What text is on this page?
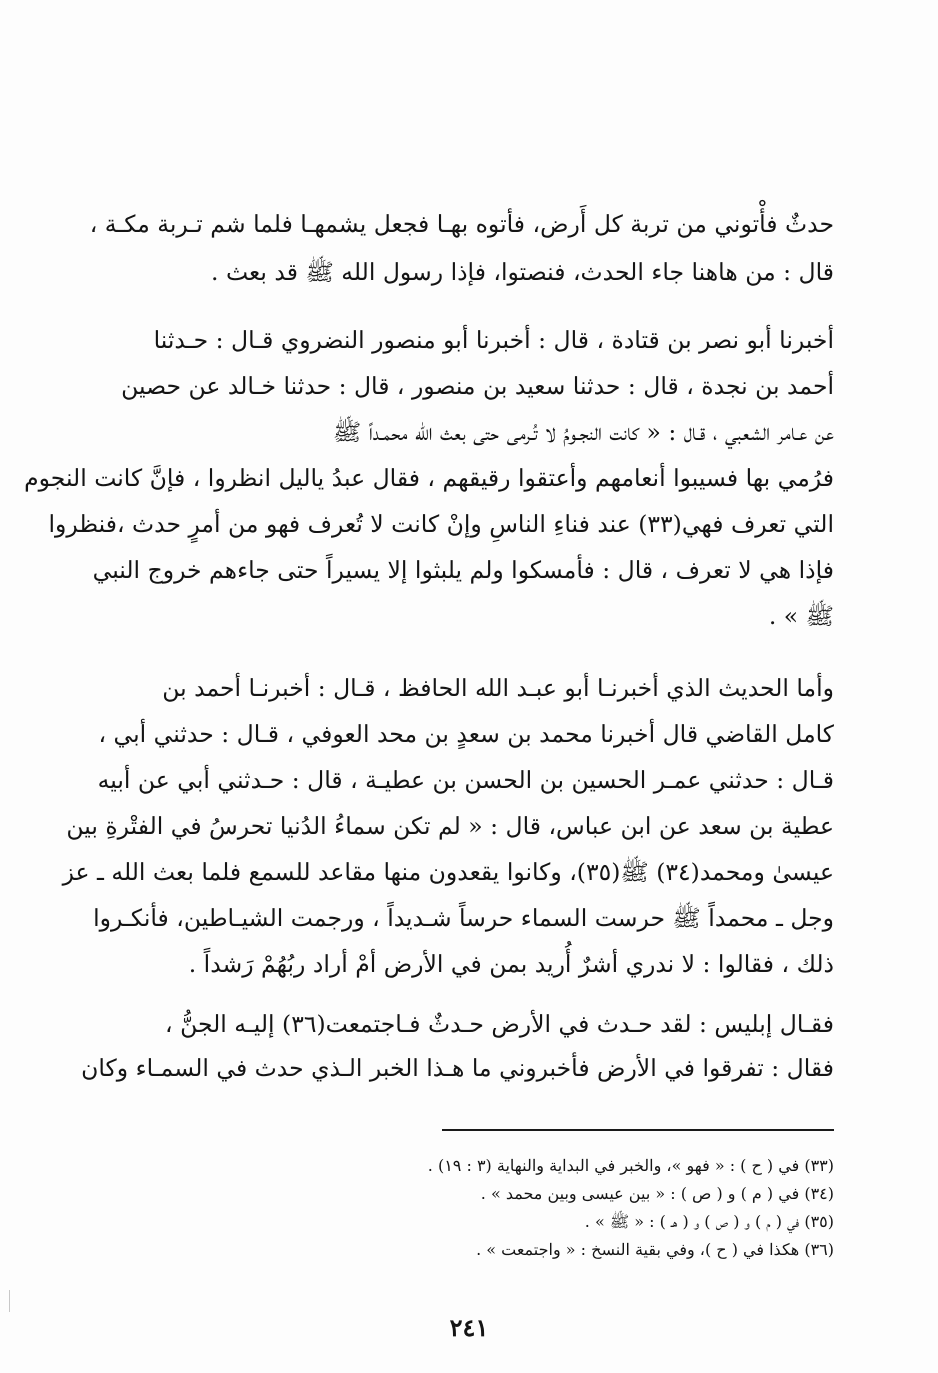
حدثٌ فأْتوني من تربة كل أَرض، فأتوه بهـا فجعل يشمهـا فلما شم تـربة مكـة ،
قال : من هاهنا جاء الحدث، فنصتوا، فإذا رسول الله ﷺ قد بعث .
أخبرنا أبو نصر بن قتادة ، قال : أخبرنا أبو منصور النضروي قـال : حـدثنا
أحمد بن نجدة ، قال : حدثنا سعيد بن منصور ، قال : حدثنا خـالد عن حصين
عن عـامر الشعبي ، قـال : « كانت النجـومُ لا تُـرمى حتى بعث الله محمـداً ﷺ
فرُمي بها فسيبوا أنعامهم وأعتقوا رقيقهم ، فقال عبدُ ياليل انظروا ، فإنَّ كانت النجوم
التي تعرف فهي(٣٣) عند فناءِ الناسِ وإنْ كانت لا تُعرف فهو من أمرٍ حدث ،فنظروا
فإذا هي لا تعرف ، قال : فأمسكوا ولم يلبثوا إلا يسيراً حتى جاءهم خروج النبي
ﷺ » .
وأما الحديث الذي أخبرنـا أبو عبـد الله الحافظ ، قـال : أخبرنـا أحمد بن
كامل القاضي قال أخبرنا محمد بن سعدٍ بن محد العوفي ، قـال : حدثني أبي ،
قـال : حدثني عمـر الحسين بن الحسن بن عطيـة ، قال : حـدثني أبي عن أبيه
عطية بن سعد عن ابن عباس، قال : « لم تكن سماءُ الدُنيا تحرسُ في الفتْرةِ بين
عيسىٰ ومحمد(٣٤) ﷺ(٣٥)، وكانوا يقعدون منها مقاعد للسمع فلما بعث الله ـ عز
وجل ـ محمداً ﷺ حرست السماء حرساً شـديداً ، ورجمت الشيـاطين، فأنكـروا
ذلك ، فقالوا : لا ندري أشرٌ أُريد بمن في الأرض أمْ أراد ربُهُمْ رَشداً .
فقـال إبليس : لقد حـدث في الأرض حـدثٌ فـاجتمعت(٣٦) إليـه الجنُّ ،
فقال : تفرقوا في الأرض فأخبروني ما هـذا الخبر الـذي حدث في السمـاء وكان
(٣٣) في ( ح ) : « فهو »، والخبر في البداية والنهاية (٣ : ١٩) .
(٣٤) في ( م ) و ( ص ) : « بين عيسى وبين محمد » .
(٣٥) في ( م ) و ( ص ) و ( هـ ) : « ﷺ » .
(٣٦) هكذا في ( ح )، وفي بقية النسخ : « واجتمعت » .
٢٤١
